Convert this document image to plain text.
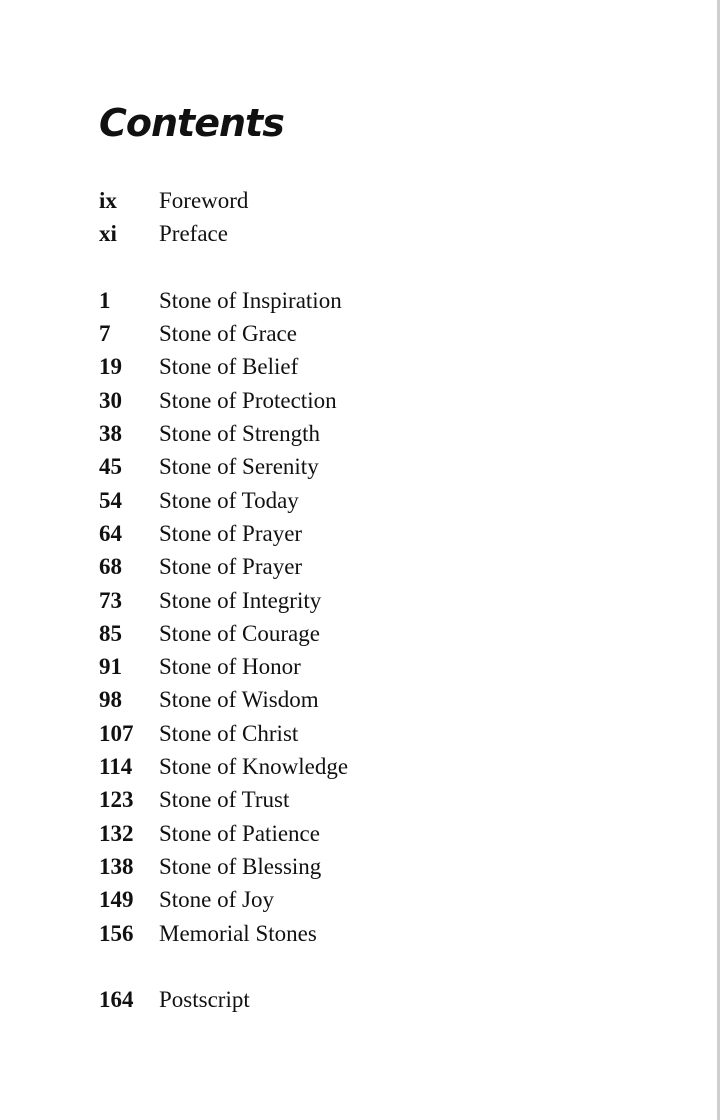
Contents
ix	Foreword
xi	Preface
1	Stone of Inspiration
7	Stone of Grace
19	Stone of Belief
30	Stone of Protection
38	Stone of Strength
45	Stone of Serenity
54	Stone of Today
64	Stone of Prayer
68	Stone of Prayer
73	Stone of Integrity
85	Stone of Courage
91	Stone of Honor
98	Stone of Wisdom
107	Stone of Christ
114	Stone of Knowledge
123	Stone of Trust
132	Stone of Patience
138	Stone of Blessing
149	Stone of Joy
156	Memorial Stones
164	Postscript
